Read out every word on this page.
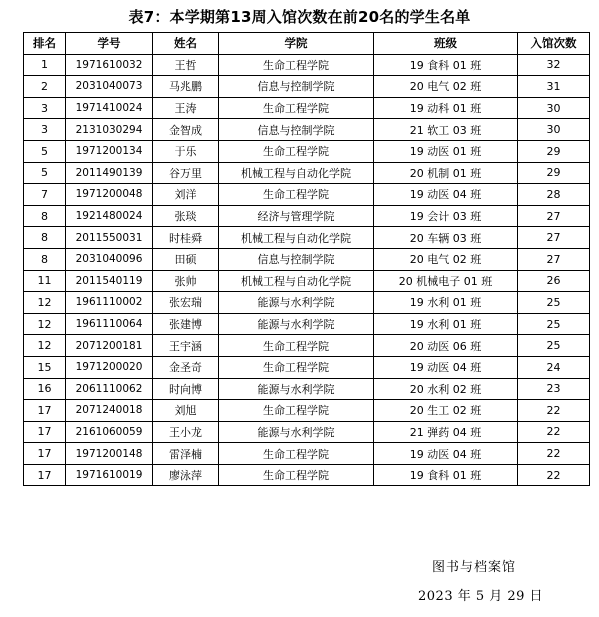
表7：本学期第13周入馆次数在前20名的学生名单
排名	学号	姓名	学院	班级	入馆次数
1	1971610032	王哲	生命工程学院	19 食科 01 班	32
2	2031040073	马兆鹏	信息与控制学院	20 电气 02 班	31
3	1971410024	王涛	生命工程学院	19 动科 01 班	30
3	2131030294	金智成	信息与控制学院	21 软工 03 班	30
5	1971200134	于乐	生命工程学院	19 动医 01 班	29
5	2011490139	谷万里	机械工程与自动化学院	20 机制 01 班	29
7	1971200048	刘洋	生命工程学院	19 动医 04 班	28
8	1921480024	张琰	经济与管理学院	19 会计 03 班	27
8	2011550031	时桂舜	机械工程与自动化学院	20 车辆 03 班	27
8	2031040096	田硕	信息与控制学院	20 电气 02 班	27
11	2011540119	张帅	机械工程与自动化学院	20 机械电子 01 班	26
12	1961110002	张宏瑞	能源与水利学院	19 水利 01 班	25
12	1961110064	张建博	能源与水利学院	19 水利 01 班	25
12	2071200181	王宇涵	生命工程学院	20 动医 06 班	25
15	1971200020	金圣奇	生命工程学院	19 动医 04 班	24
16	2061110062	时向博	能源与水利学院	20 水利 02 班	23
17	2071240018	刘旭	生命工程学院	20 生工 02 班	22
17	2161060059	王小龙	能源与水利学院	21 弹药 04 班	22
17	1971200148	雷泽楠	生命工程学院	19 动医 04 班	22
17	1971610019	廖泳萍	生命工程学院	19 食科 01 班	22
图书与档案馆
2023 年 5 月 29 日
